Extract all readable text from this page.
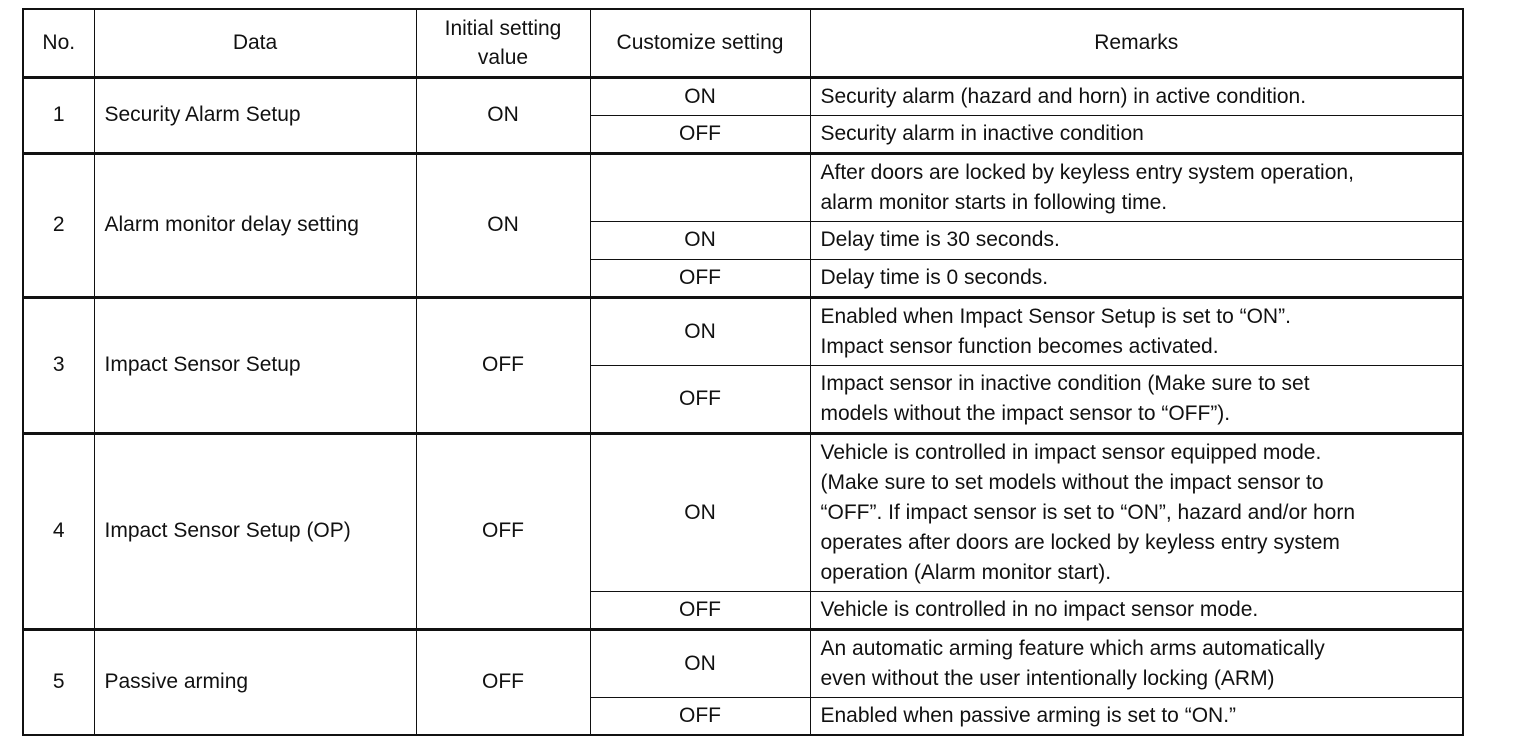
No.	Data	Initial setting
value	Customize setting	Remarks
1	Security Alarm Setup	ON	ON	Security alarm (hazard and horn) in active condition.

			OFF	Security alarm in inactive condition

2	Alarm monitor delay setting	ON		After doors are locked by keyless entry system operation,
alarm monitor starts in following time.

			ON	Delay time is 30 seconds.

			OFF	Delay time is 0 seconds.

3	Impact Sensor Setup	OFF	ON	Enabled when Impact Sensor Setup is set to “ON”.
Impact sensor function becomes activated.

			OFF	Impact sensor in inactive condition (Make sure to set
models without the impact sensor to “OFF”).

4	Impact Sensor Setup (OP)	OFF	ON	Vehicle is controlled in impact sensor equipped mode.
(Make sure to set models without the impact sensor to
“OFF”. If impact sensor is set to “ON”, hazard and/or horn
operates after doors are locked by keyless entry system
operation (Alarm monitor start).

			OFF	Vehicle is controlled in no impact sensor mode.

5	Passive arming	OFF	ON	An automatic arming feature which arms automatically
even without the user intentionally locking (ARM)

			OFF	Enabled when passive arming is set to “ON.”
